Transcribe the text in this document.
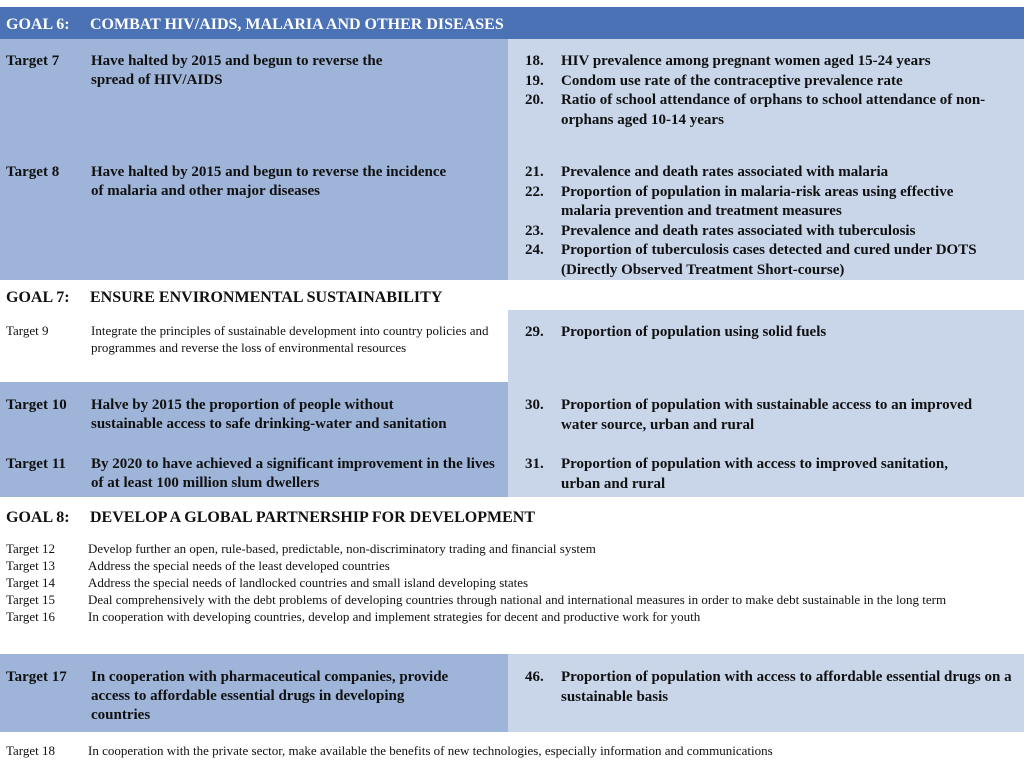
GOAL 6: COMBAT HIV/AIDS, MALARIA AND OTHER DISEASES
Target 7 Have halted by 2015 and begun to reverse the spread of HIV/AIDS
18. HIV prevalence among pregnant women aged 15-24 years
19. Condom use rate of the contraceptive prevalence rate
20. Ratio of school attendance of orphans to school attendance of non-orphans aged 10-14 years
Target 8 Have halted by 2015 and begun to reverse the incidence of malaria and other major diseases
21. Prevalence and death rates associated with malaria
22. Proportion of population in malaria-risk areas using effective malaria prevention and treatment measures
23. Prevalence and death rates associated with tuberculosis
24. Proportion of tuberculosis cases detected and cured under DOTS (Directly Observed Treatment Short-course)
GOAL 7: ENSURE ENVIRONMENTAL SUSTAINABILITY
Target 9	Integrate the principles of sustainable development into country policies and programmes and reverse the loss of environmental resources
29. Proportion of population using solid fuels
Target 10 Halve by 2015 the proportion of people without sustainable access to safe drinking-water and sanitation
30. Proportion of population with sustainable access to an improved water source, urban and rural
Target 11 By 2020 to have achieved a significant improvement in the lives of at least 100 million slum dwellers
31. Proportion of population with access to improved sanitation, urban and rural
GOAL 8: DEVELOP A GLOBAL PARTNERSHIP FOR DEVELOPMENT
Target 12	Develop further an open, rule-based, predictable, non-discriminatory trading and financial system
Target 13	Address the special needs of the least developed countries
Target 14	Address the special needs of landlocked countries and small island developing states
Target 15	Deal comprehensively with the debt problems of developing countries through national and international measures in order to make debt sustainable in the long term
Target 16	In cooperation with developing countries, develop and implement strategies for decent and productive work for youth
Target 17 In cooperation with pharmaceutical companies, provide access to affordable essential drugs in developing countries
46. Proportion of population with access to affordable essential drugs on a sustainable basis
Target 18	In cooperation with the private sector, make available the benefits of new technologies, especially information and communications
